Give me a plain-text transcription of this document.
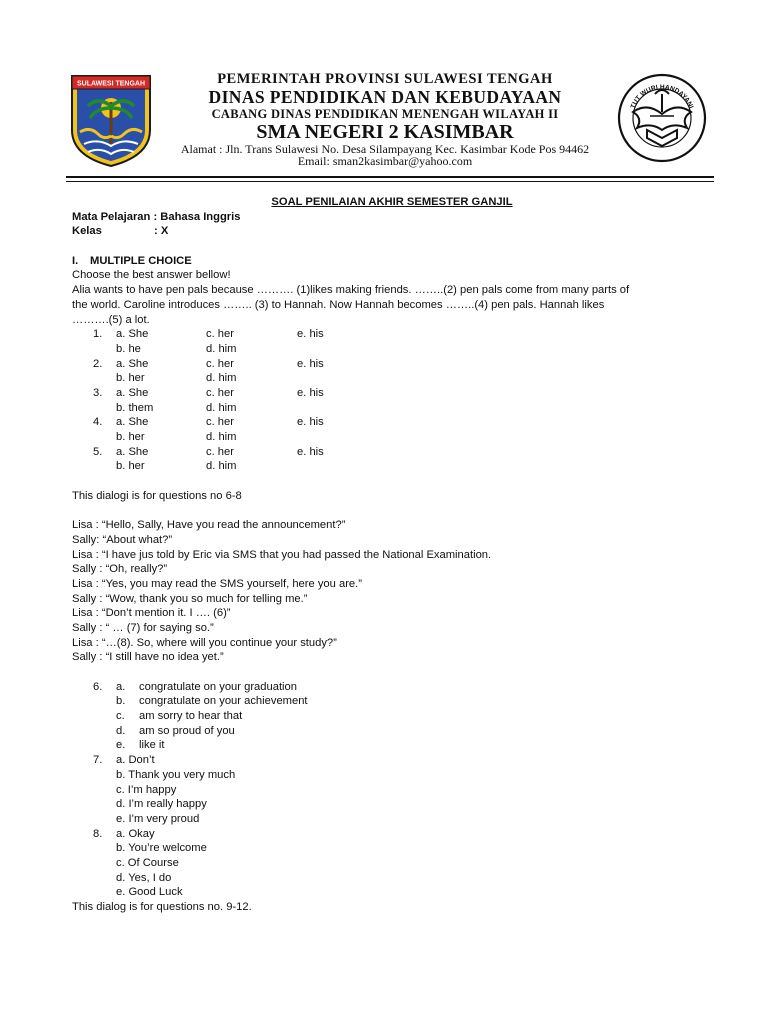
SULAWESI TENGAH	PEMERINTAH PROVINSI SULAWESI TENGAH
DINAS PENDIDIKAN DAN KEBUDAYAAN
CABANG DINAS PENDIDIKAN MENENGAH WILAYAH II
SMA NEGERI 2 KASIMBAR
Alamat : Jln. Trans Sulawesi No. Desa Silampayang Kec. Kasimbar Kode Pos 94462
Email: sman2kasimbar@yahoo.com
TUT WURI HANDAYANI
SOAL PENILAIAN AKHIR SEMESTER GANJIL
Mata Pelajaran : Bahasa Inggris
Kelas	: X
I. MULTIPLE CHOICE
Choose the best answer bellow!
Alia wants to have pen pals because ………. (1)likes making friends. ……..(2) pen pals come from many parts of
the world. Caroline introduces …….. (3) to Hannah. Now Hannah becomes ……..(4) pen pals. Hannah likes
……….(5) a lot.
1. a. She	c. her	e. his
b. he	d. him
2. a. She	c. her	e. his
b. her	d. him
3. a. She	c. her	e. his
b. them	d. him
4. a. She	c. her	e. his
b. her	d. him
5. a. She	c. her	e. his
b. her	d. him
This dialogi is for questions no 6-8
Lisa : “Hello, Sally, Have you read the announcement?”
Sally: “About what?”
Lisa : “I have jus told by Eric via SMS that you had passed the National Examination.
Sally : “Oh, really?”
Lisa : “Yes, you may read the SMS yourself, here you are.”
Sally : “Wow, thank you so much for telling me.”
Lisa : “Don’t mention it. I …. (6)”
Sally : “ … (7) for saying so.”
Lisa : “…(8). So, where will you continue your study?”
Sally : “I still have no idea yet.”
6. a. congratulate on your graduation
b. congratulate on your achievement
c. am sorry to hear that
d. am so proud of you
e. like it
7. a. Don’t
b. Thank you very much
c. I’m happy
d. I’m really happy
e. I’m very proud
8. a. Okay
b. You’re welcome
c. Of Course
d. Yes, I do
e. Good Luck
This dialog is for questions no. 9-12.
